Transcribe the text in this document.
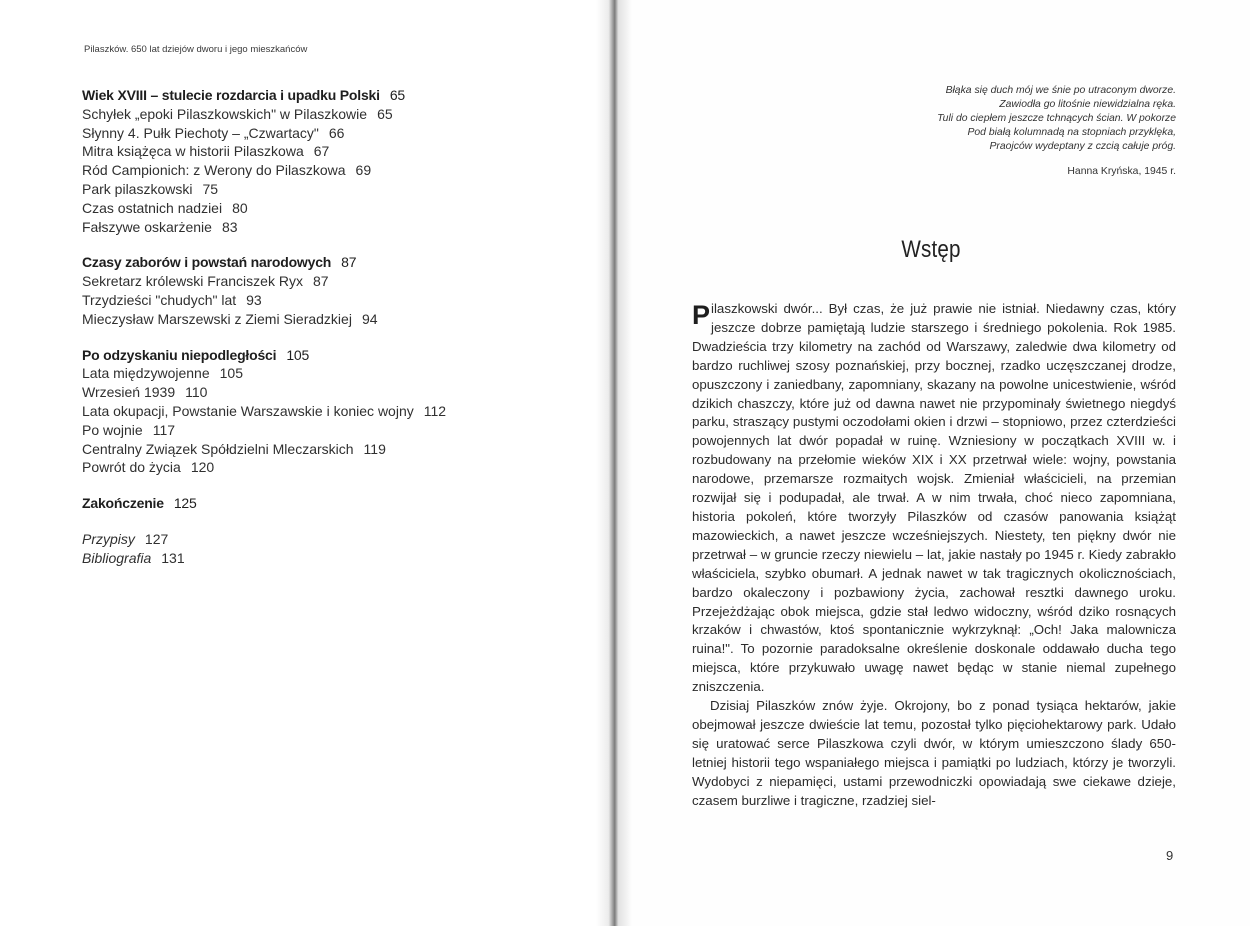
Pilaszków. 650 lat dziejów dworu i jego mieszkańców
Wiek XVIII – stulecie rozdarcia i upadku Polski 65
Schyłek „epoki Pilaszkowskich" w Pilaszkowie 65
Słynny 4. Pułk Piechoty – „Czwartacy" 66
Mitra książęca w historii Pilaszkowa 67
Ród Campionich: z Werony do Pilaszkowa 69
Park pilaszkowski 75
Czas ostatnich nadziei 80
Fałszywe oskarżenie 83
Czasy zaborów i powstań narodowych 87
Sekretarz królewski Franciszek Ryx 87
Trzydzieści "chudych" lat 93
Mieczysław Marszewski z Ziemi Sieradzkiej 94
Po odzyskaniu niepodległości 105
Lata międzywojenne 105
Wrzesień 1939 110
Lata okupacji, Powstanie Warszawskie i koniec wojny 112
Po wojnie 117
Centralny Związek Spółdzielni Mleczarskich 119
Powrót do życia 120
Zakończenie 125
Przypisy 127
Bibliografia 131
Błąka się duch mój we śnie po utraconym dworze.
Zawiodła go litośnie niewidzialna ręka.
Tuli do ciepłem jeszcze tchnących ścian. W pokorze
Pod białą kolumnadą na stopniach przyklęka,
Praojców wydeptany z czcią całuje próg.
Hanna Kryńska, 1945 r.
Wstęp

Pilaszkowski dwór... Był czas, że już prawie nie istniał. Niedawny czas, który jeszcze dobrze pamiętają ludzie starszego i średniego pokolenia. Rok 1985. Dwadzieścia trzy kilometry na zachód od Warszawy, zaledwie dwa kilometry od bardzo ruchliwej szosy poznańskiej, przy bocznej, rzadko uczęszczanej drodze, opuszczony i zaniedbany, zapomniany, skazany na powolne unicestwienie, wśród dzikich chaszczy, które już od dawna nawet nie przypominały świetnego niegdyś parku, straszący pustymi oczodołami okien i drzwi – stopniowo, przez czterdzieści powojennych lat dwór popadał w ruinę. Wzniesiony w początkach XVIII w. i rozbudowany na przełomie wieków XIX i XX przetrwał wiele: wojny, powstania narodowe, przemarsze rozmaitych wojsk. Zmieniał właścicieli, na przemian rozwijał się i podupadał, ale trwał. A w nim trwała, choć nieco zapomniana, historia pokoleń, które tworzyły Pilaszków od czasów panowania książąt mazowieckich, a nawet jeszcze wcześniejszych. Niestety, ten piękny dwór nie przetrwał – w gruncie rzeczy niewielu – lat, jakie nastały po 1945 r. Kiedy zabrakło właściciela, szybko obumarł. A jednak nawet w tak tragicznych okolicznościach, bardzo okaleczony i pozbawiony życia, zachował resztki dawnego uroku. Przejeżdżając obok miejsca, gdzie stał ledwo widoczny, wśród dziko rosnących krzaków i chwastów, ktoś spontanicznie wykrzyknął: „Och! Jaka malownicza ruina!". To pozornie paradoksalne określenie doskonale oddawało ducha tego miejsca, które przykuwało uwagę nawet będąc w stanie niemal zupełnego zniszczenia.

Dzisiaj Pilaszków znów żyje. Okrojony, bo z ponad tysiąca hektarów, jakie obejmował jeszcze dwieście lat temu, pozostał tylko pięciohektarowy park. Udało się uratować serce Pilaszkowa czyli dwór, w którym umieszczono ślady 650-letniej historii tego wspaniałego miejsca i pamiątki po ludziach, którzy je tworzyli. Wydobyci z niepamięci, ustami przewodniczki opowiadają swe ciekawe dzieje, czasem burzliwe i tragiczne, rzadziej siel-

9
